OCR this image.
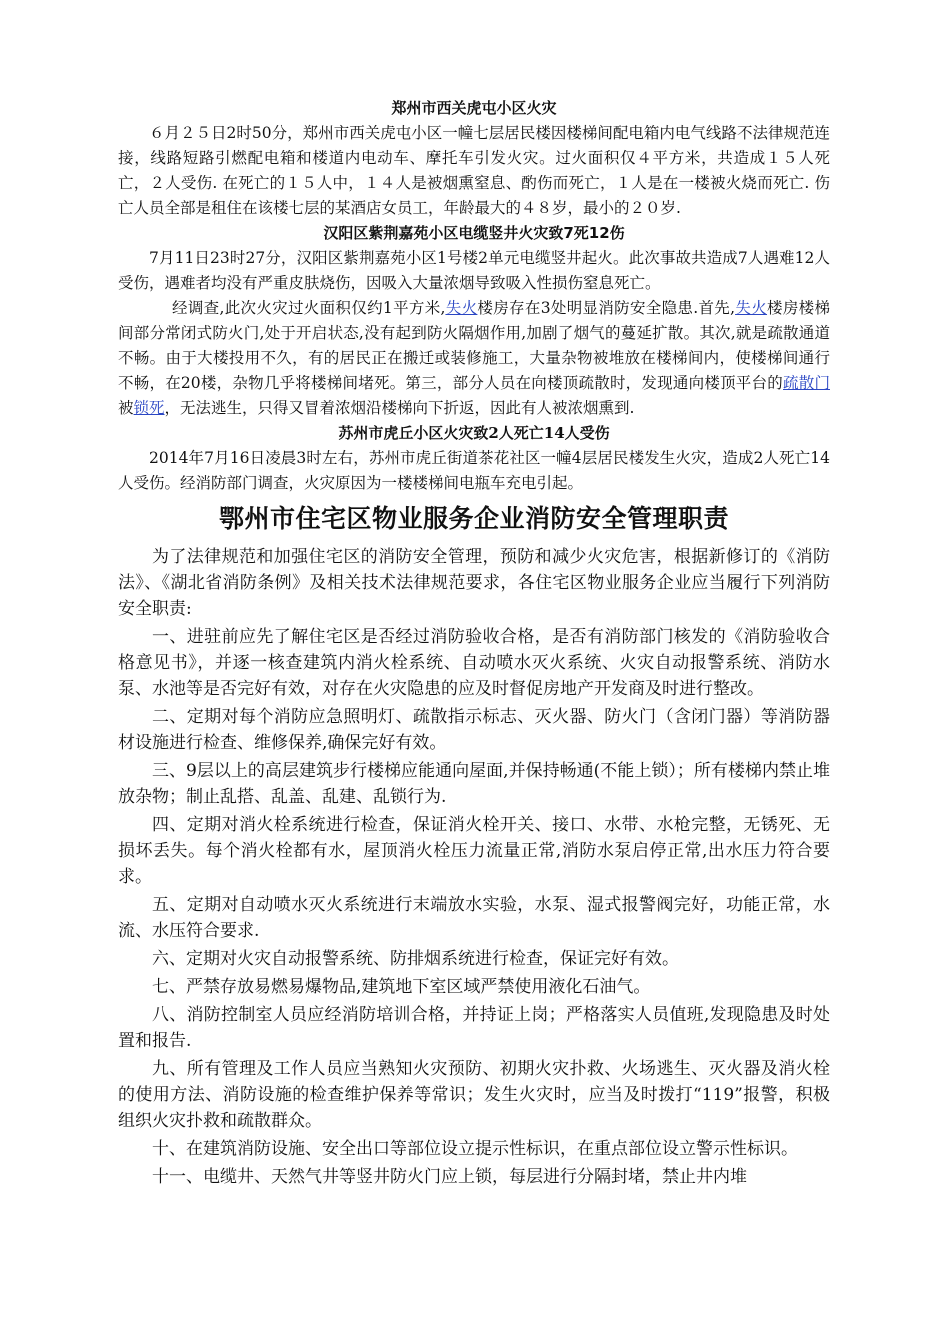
郑州市西关虎屯小区火灾

６月２５日2时50分，郑州市西关虎屯小区一幢七层居民楼因楼梯间配电箱内电气线路不法律规范连接，线路短路引燃配电箱和楼道内电动车、摩托车引发火灾。过火面积仅４平方米，共造成１５人死亡，２人受伤. 在死亡的１５人中，１４人是被烟熏窒息、酌伤而死亡，１人是在一楼被火烧而死亡. 伤亡人员全部是租住在该楼七层的某酒店女员工，年龄最大的４８岁，最小的２０岁.

汉阳区紫荆嘉苑小区电缆竖井火灾致7死12伤

7月11日23时27分，汉阳区紫荆嘉苑小区1号楼2单元电缆竖井起火。此次事故共造成7人遇难12人受伤，遇难者均没有严重皮肤烧伤，因吸入大量浓烟导致吸入性损伤窒息死亡。

经调查,此次火灾过火面积仅约1平方米,失火楼房存在3处明显消防安全隐患.首先,失火楼房楼梯间部分常闭式防火门,处于开启状态,没有起到防火隔烟作用,加剧了烟气的蔓延扩散。其次,就是疏散通道不畅。由于大楼投用不久，有的居民正在搬迁或装修施工，大量杂物被堆放在楼梯间内，使楼梯间通行不畅，在20楼，杂物几乎将楼梯间堵死。第三，部分人员在向楼顶疏散时，发现通向楼顶平台的疏散门被锁死，无法逃生，只得又冒着浓烟沿楼梯向下折返，因此有人被浓烟熏到.

苏州市虎丘小区火灾致2人死亡14人受伤

2014年7月16日凌晨3时左右，苏州市虎丘街道茶花社区一幢4层居民楼发生火灾，造成2人死亡14人受伤。经消防部门调查，火灾原因为一楼楼梯间电瓶车充电引起。

鄂州市住宅区物业服务企业消防安全管理职责

为了法律规范和加强住宅区的消防安全管理，预防和减少火灾危害，根据新修订的《消防法》、《湖北省消防条例》及相关技术法律规范要求，各住宅区物业服务企业应当履行下列消防安全职责:

一、进驻前应先了解住宅区是否经过消防验收合格，是否有消防部门核发的《消防验收合格意见书》，并逐一核查建筑内消火栓系统、自动喷水灭火系统、火灾自动报警系统、消防水泵、水池等是否完好有效，对存在火灾隐患的应及时督促房地产开发商及时进行整改。

二、定期对每个消防应急照明灯、疏散指示标志、灭火器、防火门（含闭门器）等消防器材设施进行检查、维修保养,确保完好有效。

三、9层以上的高层建筑步行楼梯应能通向屋面,并保持畅通(不能上锁）；所有楼梯内禁止堆放杂物；制止乱搭、乱盖、乱建、乱锁行为.

四、定期对消火栓系统进行检查，保证消火栓开关、接口、水带、水枪完整，无锈死、无损坏丢失。每个消火栓都有水，屋顶消火栓压力流量正常,消防水泵启停正常,出水压力符合要求。

五、定期对自动喷水灭火系统进行末端放水实验，水泵、湿式报警阀完好，功能正常，水流、水压符合要求.

六、定期对火灾自动报警系统、防排烟系统进行检查，保证完好有效。

七、严禁存放易燃易爆物品,建筑地下室区域严禁使用液化石油气。

八、消防控制室人员应经消防培训合格，并持证上岗；严格落实人员值班,发现隐患及时处置和报告.

九、所有管理及工作人员应当熟知火灾预防、初期火灾扑救、火场逃生、灭火器及消火栓的使用方法、消防设施的检查维护保养等常识；发生火灾时，应当及时拨打“119”报警，积极组织火灾扑救和疏散群众。

十、在建筑消防设施、安全出口等部位设立提示性标识，在重点部位设立警示性标识。

十一、电缆井、天然气井等竖井防火门应上锁，每层进行分隔封堵，禁止井内堆
